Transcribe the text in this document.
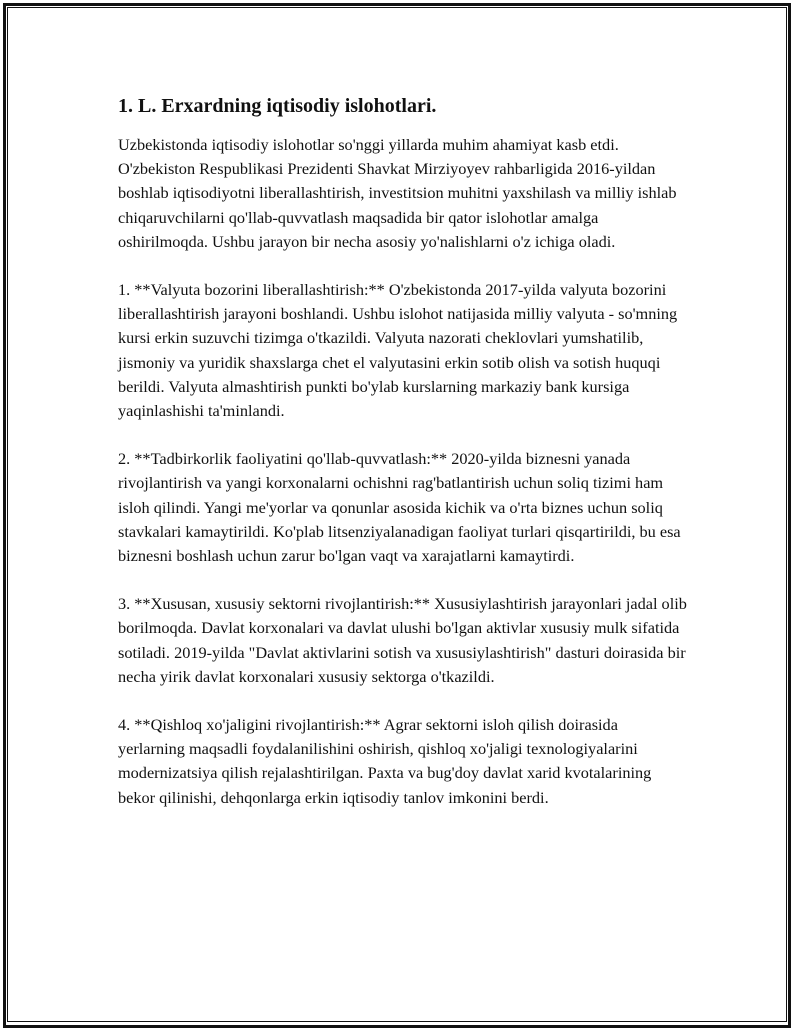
1. L. Erxardning iqtisodiy islohotlari.

Uzbekistonda iqtisodiy islohotlar so'nggi yillarda muhim ahamiyat kasb etdi. O'zbekiston Respublikasi Prezidenti Shavkat Mirziyoyev rahbarligida 2016-yildan boshlab iqtisodiyotni liberallashtirish, investitsion muhitni yaxshilash va milliy ishlab chiqaruvchilarni qo'llab-quvvatlash maqsadida bir qator islohotlar amalga oshirilmoqda. Ushbu jarayon bir necha asosiy yo'nalishlarni o'z ichiga oladi.

1. **Valyuta bozorini liberallashtirish:** O'zbekistonda 2017-yilda valyuta bozorini liberallashtirish jarayoni boshlandi. Ushbu islohot natijasida milliy valyuta - so'mning kursi erkin suzuvchi tizimga o'tkazildi. Valyuta nazorati cheklovlari yumshatilib, jismoniy va yuridik shaxslarga chet el valyutasini erkin sotib olish va sotish huquqi berildi. Valyuta almashtirish punkti bo'ylab kurslarning markaziy bank kursiga yaqinlashishi ta'minlandi.

2. **Tadbirkorlik faoliyatini qo'llab-quvvatlash:** 2020-yilda biznesni yanada rivojlantirish va yangi korxonalarni ochishni rag'batlantirish uchun soliq tizimi ham isloh qilindi. Yangi me'yorlar va qonunlar asosida kichik va o'rta biznes uchun soliq stavkalari kamaytirildi. Ko'plab litsenziyalanadigan faoliyat turlari qisqartirildi, bu esa biznesni boshlash uchun zarur bo'lgan vaqt va xarajatlarni kamaytirdi.

3. **Xususan, xususiy sektorni rivojlantirish:** Xususiylashtirish jarayonlari jadal olib borilmoqda. Davlat korxonalari va davlat ulushi bo'lgan aktivlar xususiy mulk sifatida sotiladi. 2019-yilda "Davlat aktivlarini sotish va xususiylashtirish" dasturi doirasida bir necha yirik davlat korxonalari xususiy sektorga o'tkazildi.

4. **Qishloq xo'jaligini rivojlantirish:** Agrar sektorni isloh qilish doirasida yerlarning maqsadli foydalanilishini oshirish, qishloq xo'jaligi texnologiyalarini modernizatsiya qilish rejalashtirilgan. Paxta va bug'doy davlat xarid kvotalarining bekor qilinishi, dehqonlarga erkin iqtisodiy tanlov imkonini berdi.
